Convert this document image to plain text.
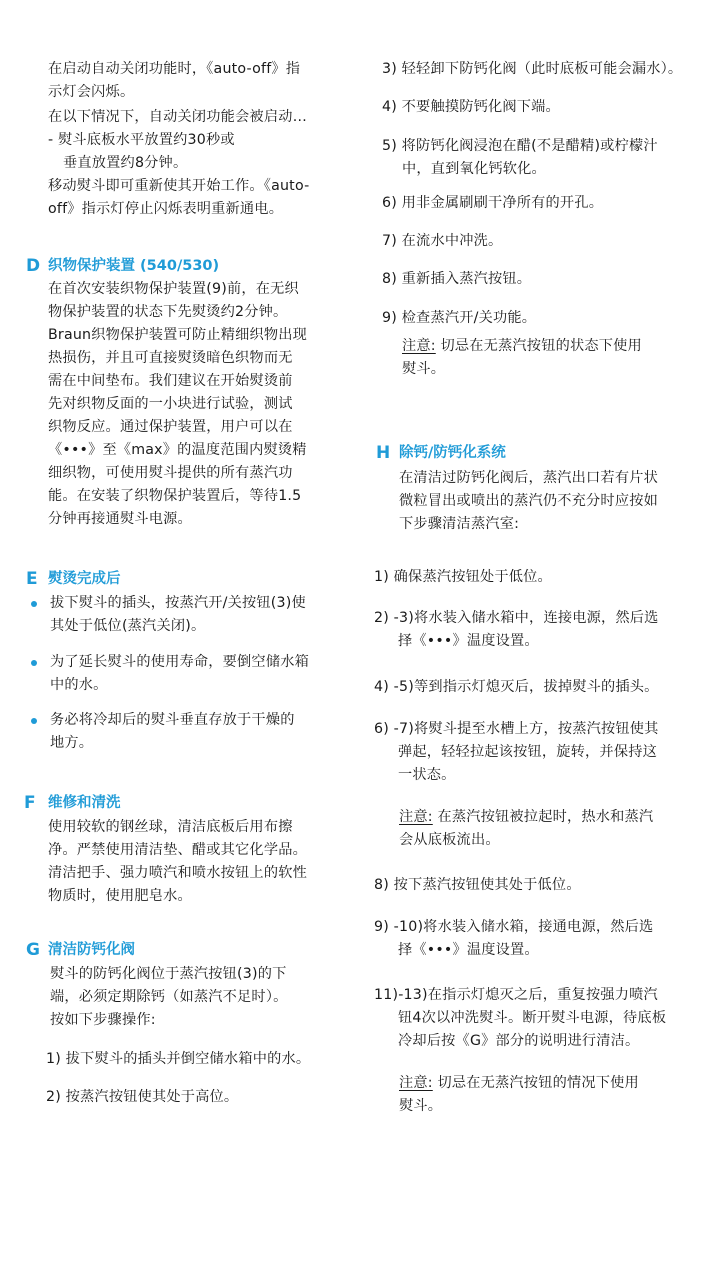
在启动自动关闭功能时，《auto-off》指
示灯会闪烁。
在以下情况下，自动关闭功能会被启动…
- 熨斗底板水平放置约30秒或
垂直放置约8分钟。
移动熨斗即可重新使其开始工作。《auto-
off》指示灯停止闪烁表明重新通电。
D 织物保护装置 (540/530)
在首次安装织物保护装置(9)前，在无织
物保护装置的状态下先熨烫约2分钟。
Braun织物保护装置可防止精细织物出现
热损伤，并且可直接熨烫暗色织物而无
需在中间垫布。我们建议在开始熨烫前
先对织物反面的一小块进行试验，测试
织物反应。通过保护装置，用户可以在
《•••》至《max》的温度范围内熨烫精
细织物，可使用熨斗提供的所有蒸汽功
能。在安装了织物保护装置后，等待1.5
分钟再接通熨斗电源。
E 熨烫完成后
拔下熨斗的插头，按蒸汽开/关按钮(3)使
其处于低位(蒸汽关闭)。
为了延长熨斗的使用寿命，要倒空储水箱
中的水。
务必将冷却后的熨斗垂直存放于干燥的
地方。
F 维修和清洗
使用较软的钢丝球，清洁底板后用布擦
净。严禁使用清洁垫、醋或其它化学品。
清洁把手、强力喷汽和喷水按钮上的软性
物质时，使用肥皂水。
G 清洁防钙化阀
熨斗的防钙化阀位于蒸汽按钮(3)的下
端，必须定期除钙（如蒸汽不足时）。
按如下步骤操作:
1) 拔下熨斗的插头并倒空储水箱中的水。
2) 按蒸汽按钮使其处于高位。
3) 轻轻卸下防钙化阀（此时底板可能会漏水）。
4) 不要触摸防钙化阀下端。
5) 将防钙化阀浸泡在醋(不是醋精)或柠檬汁
中，直到氧化钙软化。
6) 用非金属刷刷干净所有的开孔。
7) 在流水中冲洗。
8) 重新插入蒸汽按钮。
9) 检查蒸汽开/关功能。
注意: 切忌在无蒸汽按钮的状态下使用
熨斗。
H 除钙/防钙化系统
在清洁过防钙化阀后，蒸汽出口若有片状
微粒冒出或喷出的蒸汽仍不充分时应按如
下步骤清洁蒸汽室:
1) 确保蒸汽按钮处于低位。
2) -3)将水装入储水箱中，连接电源，然后选
择《•••》温度设置。
4) -5)等到指示灯熄灭后，拔掉熨斗的插头。
6) -7)将熨斗提至水槽上方，按蒸汽按钮使其
弹起，轻轻拉起该按钮，旋转，并保持这
一状态。
注意: 在蒸汽按钮被拉起时，热水和蒸汽
会从底板流出。
8) 按下蒸汽按钮使其处于低位。
9) -10)将水装入储水箱，接通电源，然后选
择《•••》温度设置。
11)-13)在指示灯熄灭之后，重复按强力喷汽
钮4次以冲洗熨斗。断开熨斗电源，待底板
冷却后按《G》部分的说明进行清洁。
注意: 切忌在无蒸汽按钮的情况下使用
熨斗。
